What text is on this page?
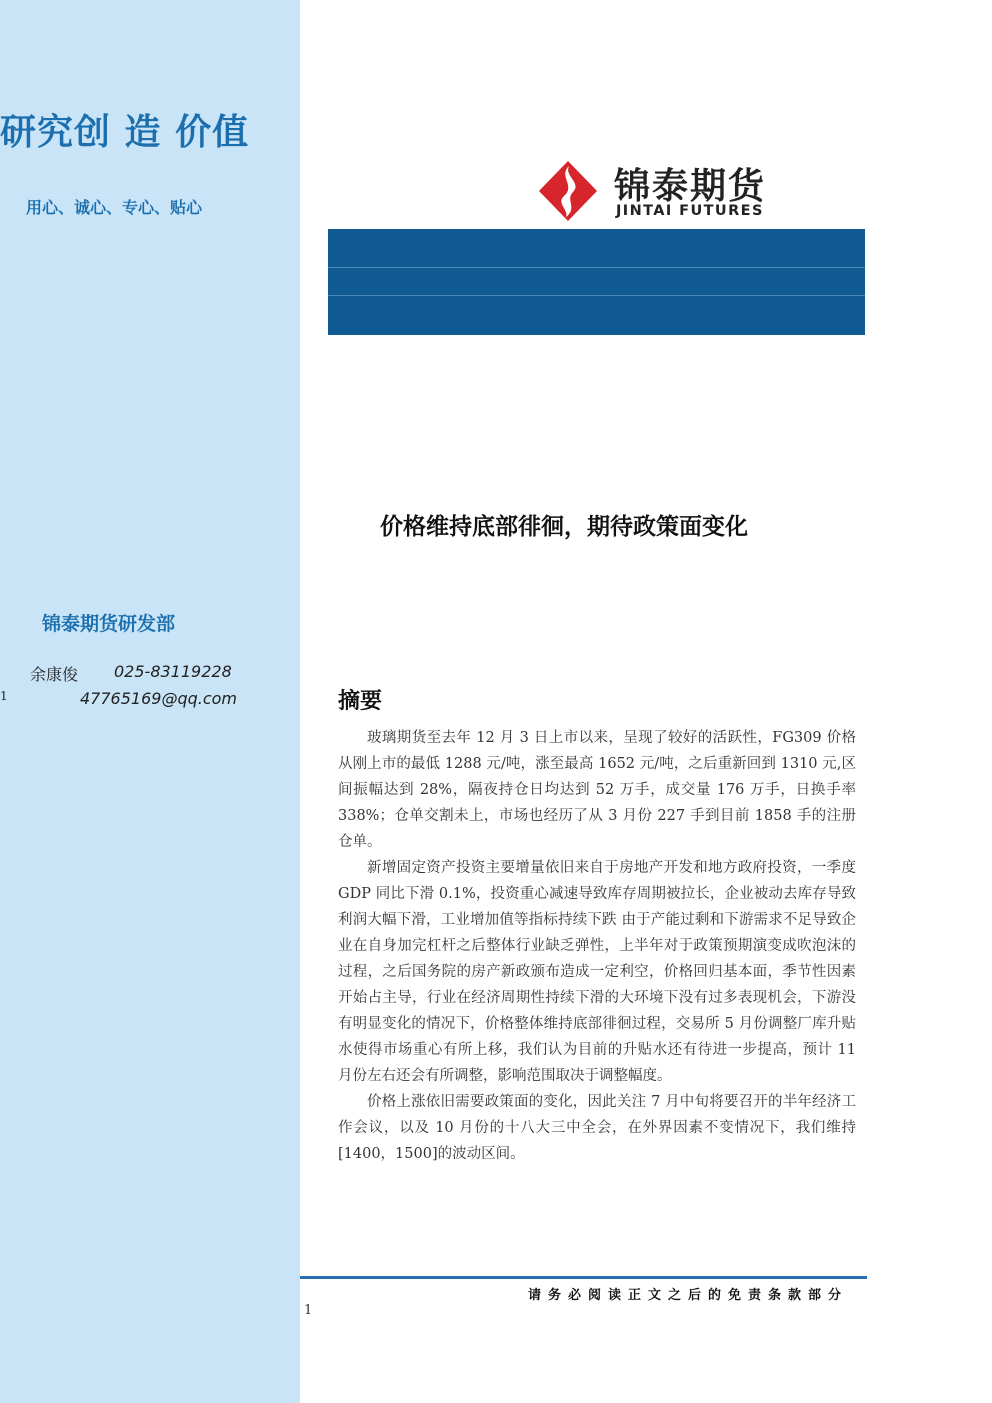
研究创 造 价值
用心、诚心、专心、贴心
锦泰期货研发部
余康俊 025-83119228
1	47765169@qq.com
锦泰期货
JINTAI FUTURES
价格维持底部徘徊，期待政策面变化
摘要

玻璃期货至去年 12 月 3 日上市以来，呈现了较好的活跃性，FG309 价格从刚上市的最低 1288 元/吨，涨至最高 1652 元/吨，之后重新回到 1310 元,区间振幅达到 28%，隔夜持仓日均达到 52 万手，成交量 176 万手，日换手率 338%；仓单交割未上，市场也经历了从 3 月份 227 手到目前 1858 手的注册仓单。

新增固定资产投资主要增量依旧来自于房地产开发和地方政府投资，一季度 GDP 同比下滑 0.1%，投资重心减速导致库存周期被拉长，企业被动去库存导致利润大幅下滑，工业增加值等指标持续下跌 由于产能过剩和下游需求不足导致企业在自身加完杠杆之后整体行业缺乏弹性，上半年对于政策预期演变成吹泡沫的过程，之后国务院的房产新政颁布造成一定利空，价格回归基本面，季节性因素开始占主导，行业在经济周期性持续下滑的大环境下没有过多表现机会，下游没有明显变化的情况下，价格整体维持底部徘徊过程，交易所 5 月份调整厂库升贴水使得市场重心有所上移，我们认为目前的升贴水还有待进一步提高，预计 11 月份左右还会有所调整，影响范围取决于调整幅度。

价格上涨依旧需要政策面的变化，因此关注 7 月中旬将要召开的半年经济工作会议，以及 10 月份的十八大三中全会，在外界因素不变情况下，我们维持[1400，1500]的波动区间。

请务必阅读正文之后的免责条款部分
1
